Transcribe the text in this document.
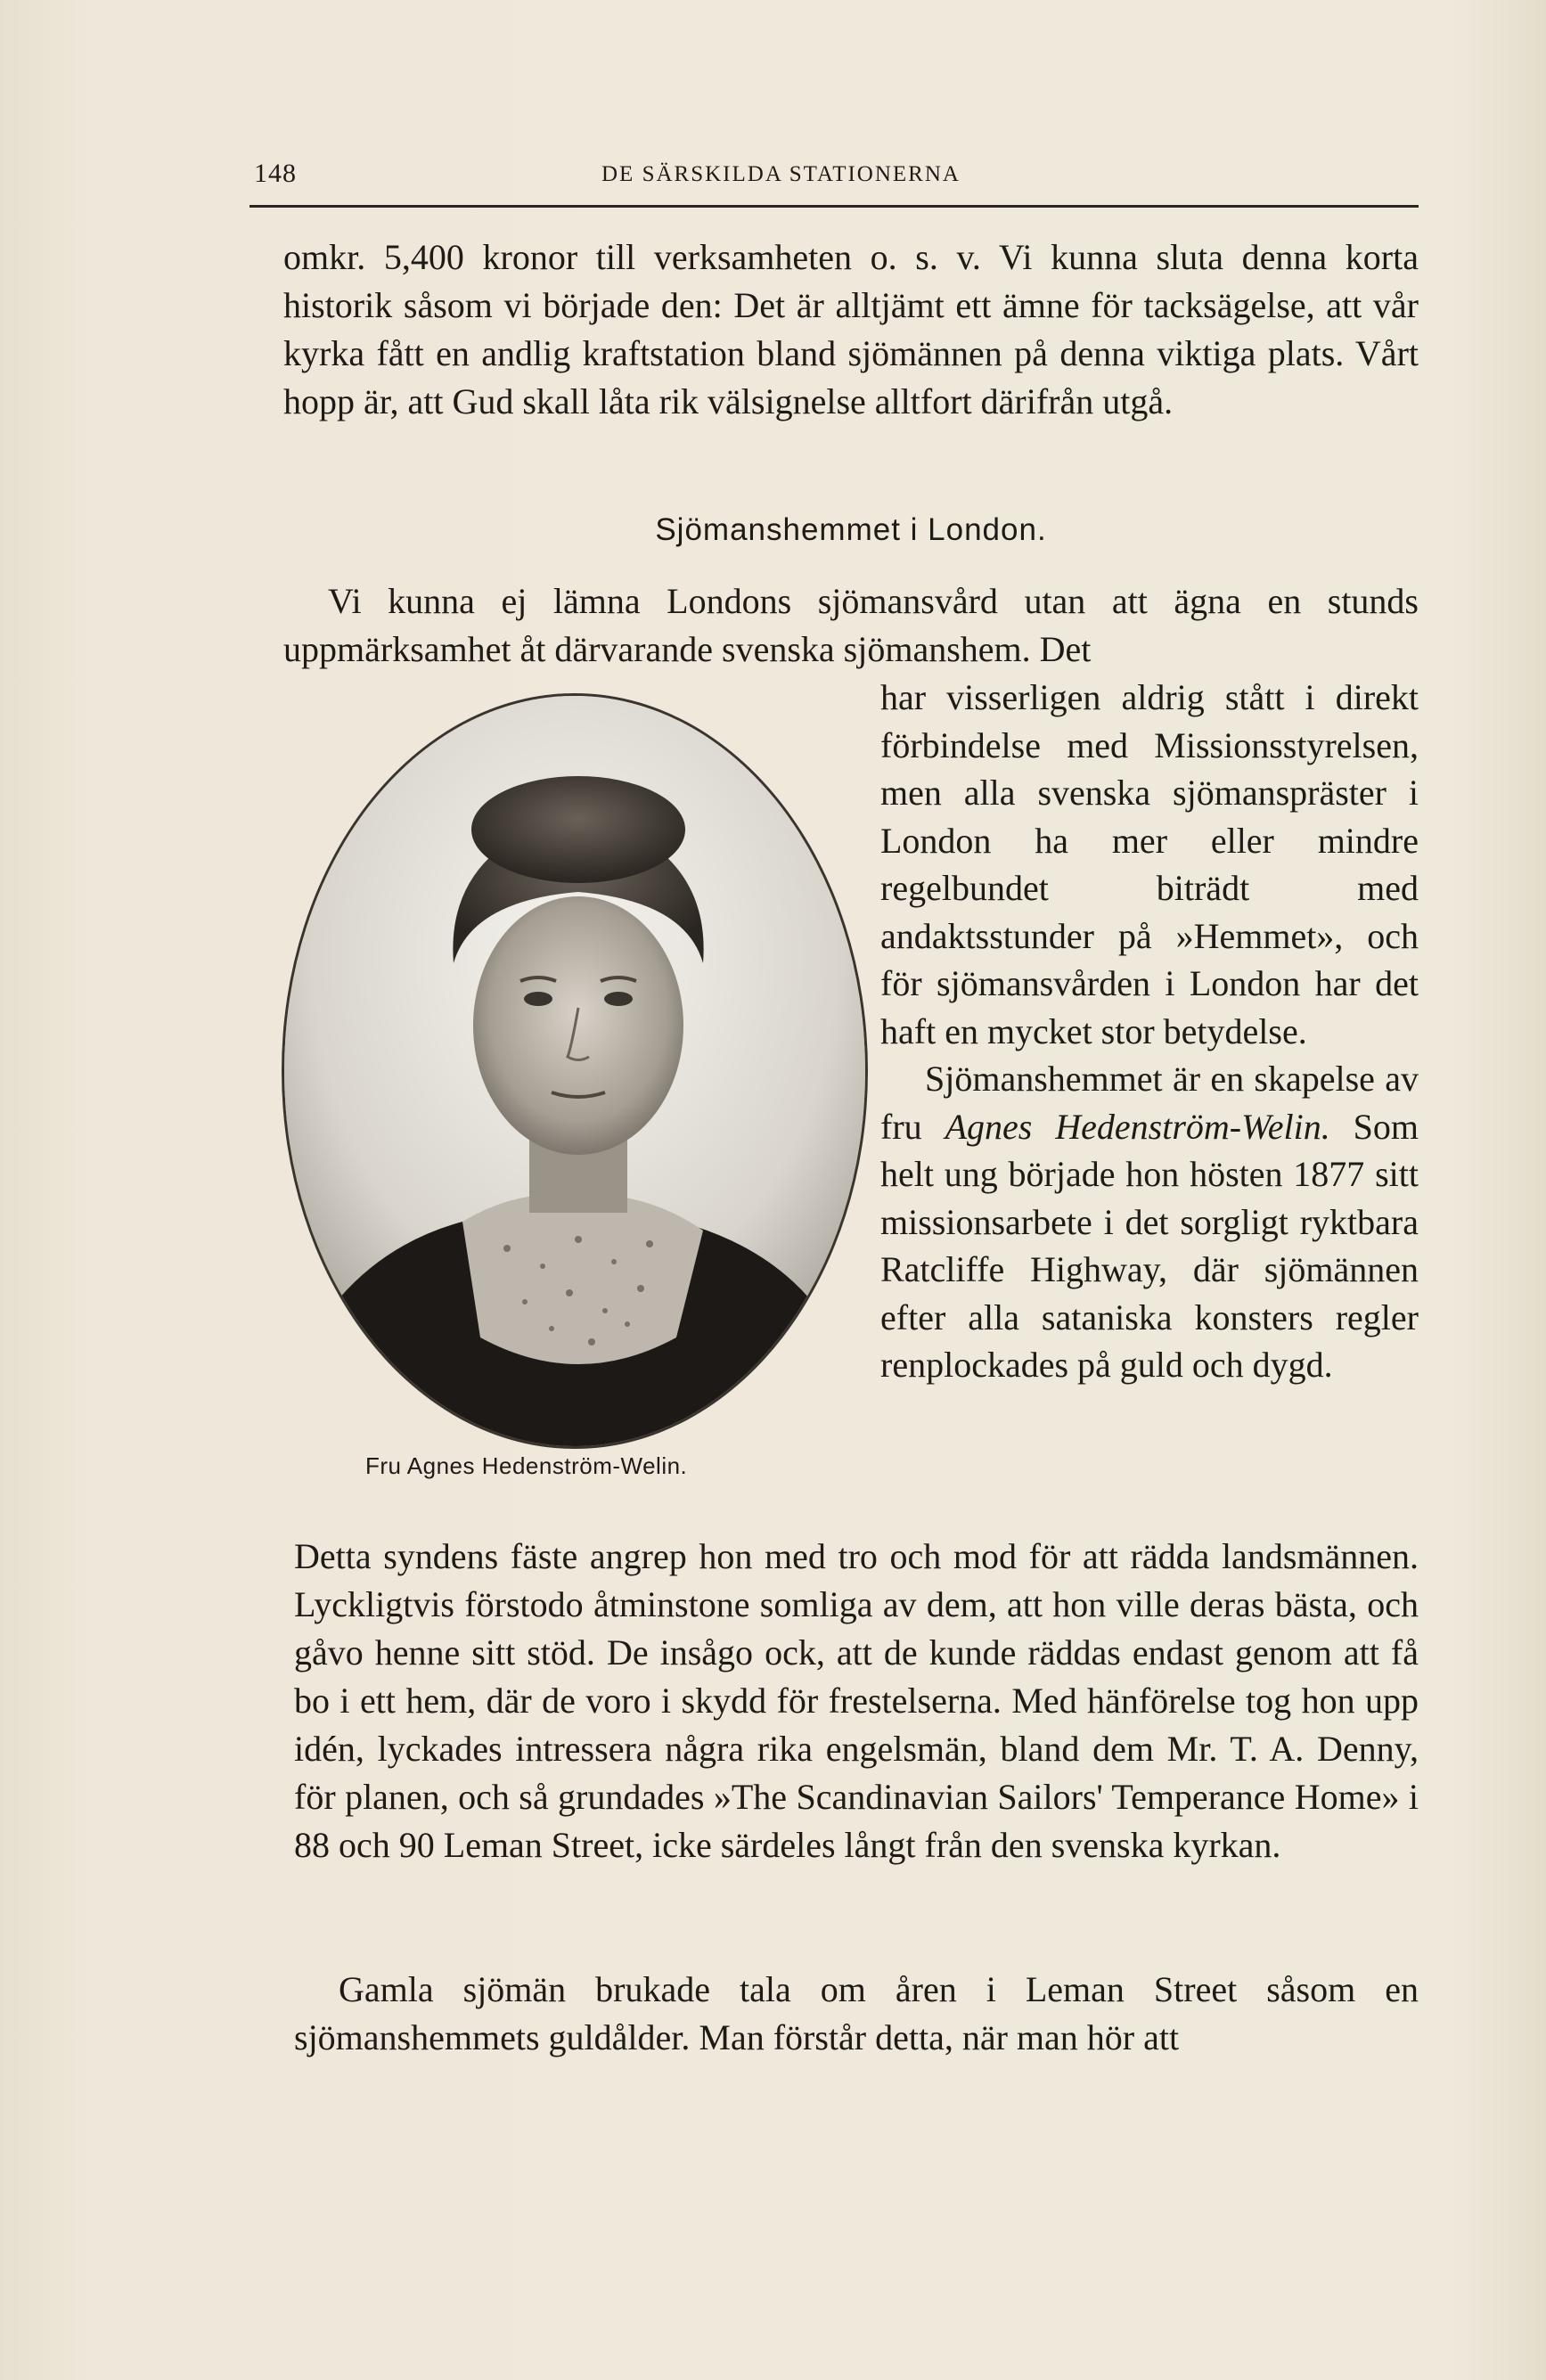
148	DE SÄRSKILDA STATIONERNA

omkr. 5,400 kronor till verksamheten o. s. v. Vi kunna sluta denna korta historik såsom vi började den: Det är alltjämt ett ämne för tacksägelse, att vår kyrka fått en andlig kraftstation bland sjömännen på denna viktiga plats. Vårt hopp är, att Gud skall låta rik välsignelse alltfort därifrån utgå.

Sjömanshemmet i London.

Vi kunna ej lämna Londons sjömansvård utan att ägna en stunds uppmärksamhet åt därvarande svenska sjömanshem. Det

Fru Agnes Hedenström-Welin.

har visserligen aldrig stått i direkt förbindelse med Missionsstyrelsen, men alla svenska sjömanspräster i London ha mer eller mindre regelbundet biträdt med andaktsstunder på »Hemmet», och för sjömansvården i London har det haft en mycket stor betydelse.

Sjömanshemmet är en skapelse av fru Agnes Hedenström-Welin. Som helt ung började hon hösten 1877 sitt missionsarbete i det sorgligt ryktbara Ratcliffe Highway, där sjömännen efter alla sataniska konsters regler renplockades på guld och dygd.

Detta syndens fäste angrep hon med tro och mod för att rädda landsmännen. Lyckligtvis förstodo åtminstone somliga av dem, att hon ville deras bästa, och gåvo henne sitt stöd. De insågo ock, att de kunde räddas endast genom att få bo i ett hem, där de voro i skydd för frestelserna. Med hänförelse tog hon upp idén, lyckades intressera några rika engelsmän, bland dem Mr. T. A. Denny, för planen, och så grundades »The Scandinavian Sailors' Temperance Home» i 88 och 90 Leman Street, icke särdeles långt från den svenska kyrkan.

Gamla sjömän brukade tala om åren i Leman Street såsom en sjömanshemmets guldålder. Man förstår detta, när man hör att
